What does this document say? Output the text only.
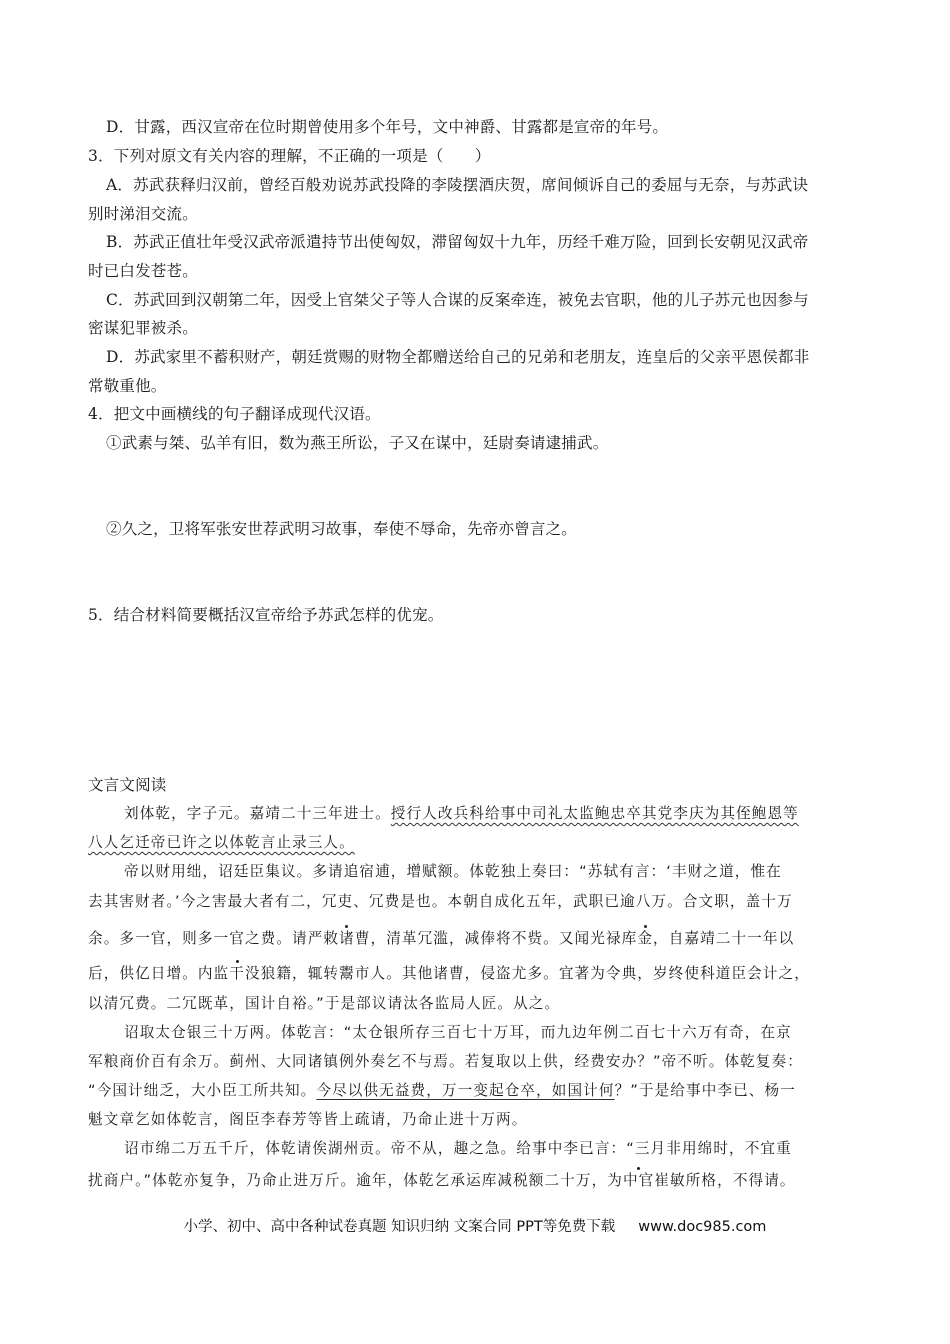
D．甘露，西汉宣帝在位时期曾使用多个年号，文中神爵、甘露都是宣帝的年号。
3．下列对原文有关内容的理解，不正确的一项是（　　）
A．苏武获释归汉前，曾经百般劝说苏武投降的李陵摆酒庆贺，席间倾诉自己的委屈与无奈，与苏武诀
别时涕泪交流。
B．苏武正值壮年受汉武帝派遣持节出使匈奴，滞留匈奴十九年，历经千难万险，回到长安朝见汉武帝
时已白发苍苍。
C．苏武回到汉朝第二年，因受上官桀父子等人合谋的反案牵连，被免去官职，他的儿子苏元也因参与
密谋犯罪被杀。
D．苏武家里不蓄积财产，朝廷赏赐的财物全都赠送给自己的兄弟和老朋友，连皇后的父亲平恩侯都非
常敬重他。
4．把文中画横线的句子翻译成现代汉语。
①武素与桀、弘羊有旧，数为燕王所讼，子又在谋中，廷尉奏请逮捕武。
②久之，卫将军张安世荐武明习故事，奉使不辱命，先帝亦曾言之。
5．结合材料简要概括汉宣帝给予苏武怎样的优宠。
文言文阅读
刘体乾，字子元。嘉靖二十三年进士。授行人改兵科给事中司礼太监鲍忠卒其党李庆为其侄鲍恩等
八人乞迁帝已许之以体乾言止录三人。
帝以财用绌，诏廷臣集议。多请追宿逋，增赋额。体乾独上奏曰：“苏轼有言：‘丰财之道，惟在
去其害财者。’今之害最大者有二，冗吏、冗费是也。本朝自成化五年，武职已逾八万。合文职，盖十万
余。多一官，则多一官之费。请严敕诸曹，清革冗滥，减俸将不赀。又闻光禄库金，自嘉靖二十一年以
后，供亿日增。内监干没狼籍，辄转鬻市人。其他诸曹，侵盗尤多。宜著为令典，岁终使科道臣会计之，
以清冗费。二冗既革，国计自裕。”于是部议请汰各监局人匠。从之。
诏取太仓银三十万两。体乾言：“太仓银所存三百七十万耳，而九边年例二百七十六万有奇，在京
军粮商价百有余万。蓟州、大同诸镇例外奏乞不与焉。若复取以上供，经费安办？”帝不听。体乾复奏：
“今国计绌乏，大小臣工所共知。今尽以供无益费，万一变起仓卒，如国计何？”于是给事中李已、杨一
魁文章乞如体乾言，阁臣李春芳等皆上疏请，乃命止进十万两。
诏市绵二万五千斤，体乾请俟湖州贡。帝不从，趣之急。给事中李已言：“三月非用绵时，不宜重
扰商户。”体乾亦复争，乃命止进万斤。逾年，体乾乞承运库减税额二十万，为中官崔敏所格，不得请。
小学、初中、高中各种试卷真题 知识归纳 文案合同 PPT等免费下载 www.doc985.com
